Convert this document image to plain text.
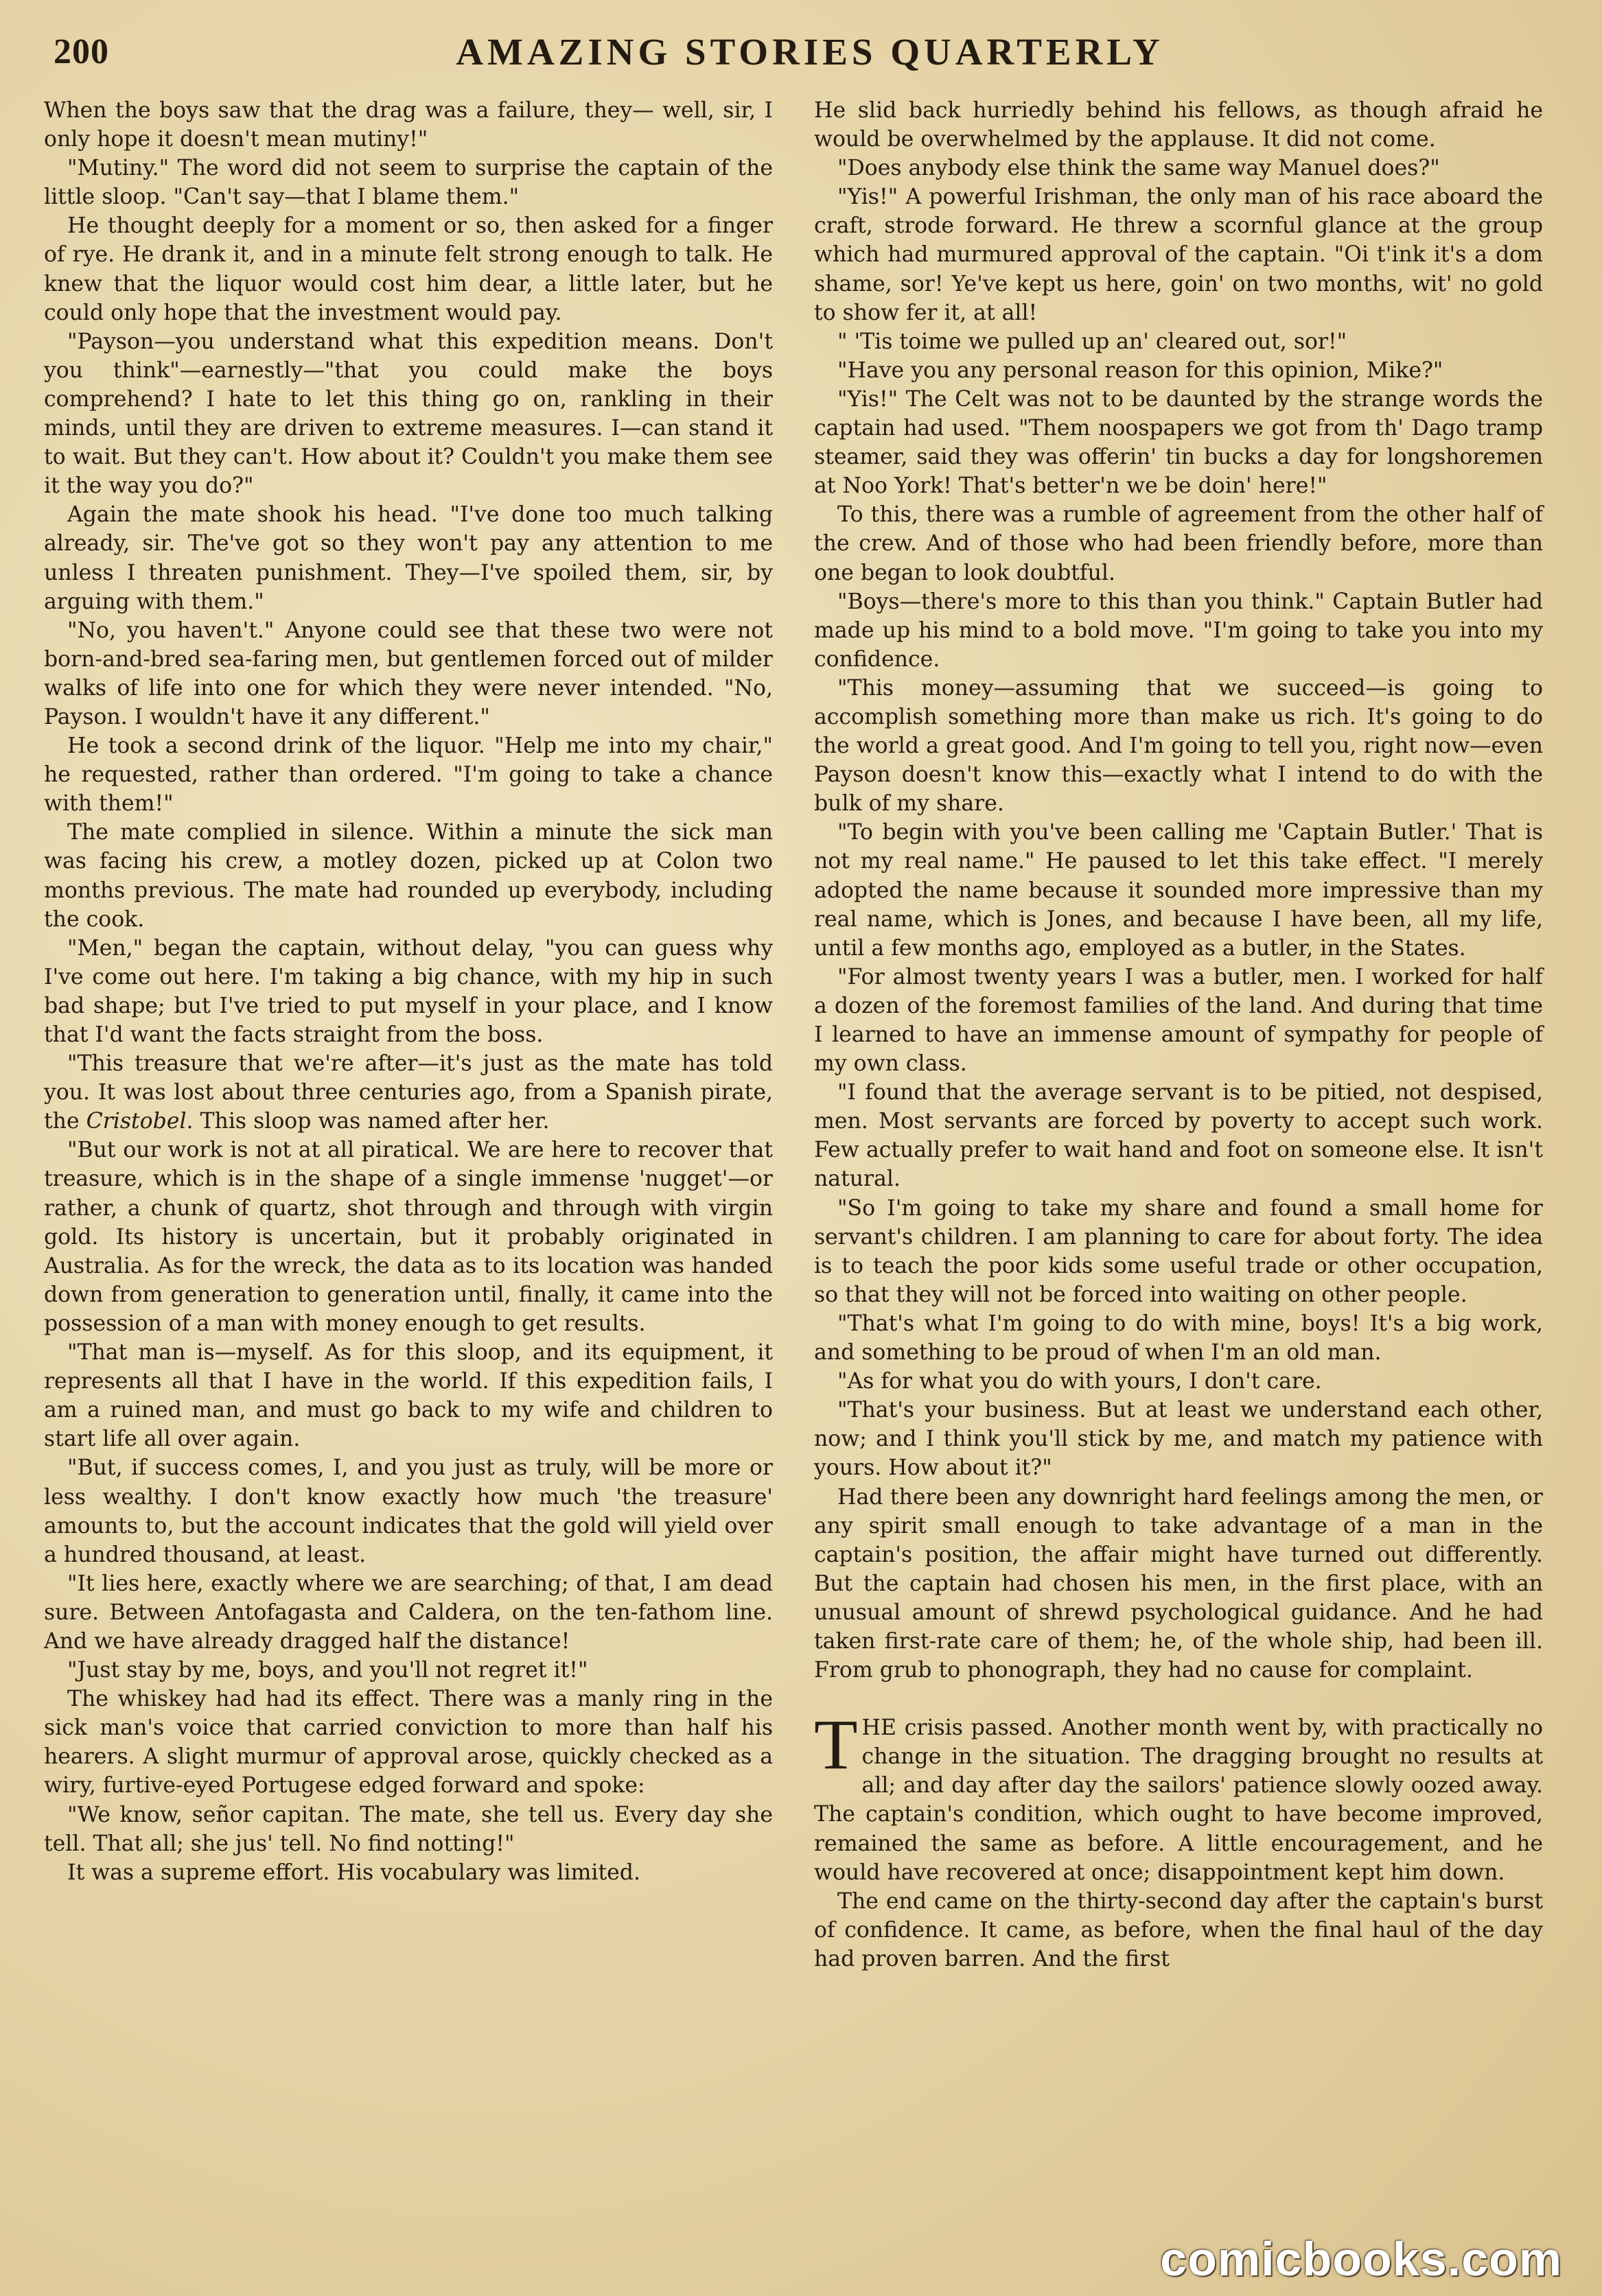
200	AMAZING STORIES QUARTERLY

When the boys saw that the drag was a failure, they— well, sir, I only hope it doesn't mean mutiny!"

"Mutiny." The word did not seem to surprise the captain of the little sloop. "Can't say—that I blame them."

He thought deeply for a moment or so, then asked for a finger of rye. He drank it, and in a minute felt strong enough to talk. He knew that the liquor would cost him dear, a little later, but he could only hope that the investment would pay.

"Payson—you understand what this expedition means. Don't you think"—earnestly—"that you could make the boys comprehend? I hate to let this thing go on, rankling in their minds, until they are driven to extreme measures. I—can stand it to wait. But they can't. How about it? Couldn't you make them see it the way you do?"

Again the mate shook his head. "I've done too much talking already, sir. The've got so they won't pay any attention to me unless I threaten punishment. They—I've spoiled them, sir, by arguing with them."

"No, you haven't." Anyone could see that these two were not born-and-bred sea-faring men, but gentlemen forced out of milder walks of life into one for which they were never intended. "No, Payson. I wouldn't have it any different."

He took a second drink of the liquor. "Help me into my chair," he requested, rather than ordered. "I'm going to take a chance with them!"

The mate complied in silence. Within a minute the sick man was facing his crew, a motley dozen, picked up at Colon two months previous. The mate had rounded up everybody, including the cook.

"Men," began the captain, without delay, "you can guess why I've come out here. I'm taking a big chance, with my hip in such bad shape; but I've tried to put myself in your place, and I know that I'd want the facts straight from the boss.

"This treasure that we're after—it's just as the mate has told you. It was lost about three centuries ago, from a Spanish pirate, the Cristobel. This sloop was named after her.

"But our work is not at all piratical. We are here to recover that treasure, which is in the shape of a single immense 'nugget'—or rather, a chunk of quartz, shot through and through with virgin gold. Its history is uncertain, but it probably originated in Australia. As for the wreck, the data as to its location was handed down from generation to generation until, finally, it came into the possession of a man with money enough to get results.

"That man is—myself. As for this sloop, and its equipment, it represents all that I have in the world. If this expedition fails, I am a ruined man, and must go back to my wife and children to start life all over again.

"But, if success comes, I, and you just as truly, will be more or less wealthy. I don't know exactly how much 'the treasure' amounts to, but the account indicates that the gold will yield over a hundred thousand, at least.

"It lies here, exactly where we are searching; of that, I am dead sure. Between Antofagasta and Caldera, on the ten-fathom line. And we have already dragged half the distance!

"Just stay by me, boys, and you'll not regret it!"

The whiskey had had its effect. There was a manly ring in the sick man's voice that carried conviction to more than half his hearers. A slight murmur of approval arose, quickly checked as a wiry, furtive-eyed Portugese edged forward and spoke:

"We know, señor capitan. The mate, she tell us. Every day she tell. That all; she jus' tell. No find notting!"

It was a supreme effort. His vocabulary was limited.

He slid back hurriedly behind his fellows, as though afraid he would be overwhelmed by the applause. It did not come.

"Does anybody else think the same way Manuel does?"

"Yis!" A powerful Irishman, the only man of his race aboard the craft, strode forward. He threw a scornful glance at the group which had murmured approval of the captain. "Oi t'ink it's a dom shame, sor! Ye've kept us here, goin' on two months, wit' no gold to show fer it, at all!

" 'Tis toime we pulled up an' cleared out, sor!"

"Have you any personal reason for this opinion, Mike?"

"Yis!" The Celt was not to be daunted by the strange words the captain had used. "Them noospapers we got from th' Dago tramp steamer, said they was offerin' tin bucks a day for longshoremen at Noo York! That's better'n we be doin' here!"

To this, there was a rumble of agreement from the other half of the crew. And of those who had been friendly before, more than one began to look doubtful.

"Boys—there's more to this than you think." Captain Butler had made up his mind to a bold move. "I'm going to take you into my confidence.

"This money—assuming that we succeed—is going to accomplish something more than make us rich. It's going to do the world a great good. And I'm going to tell you, right now—even Payson doesn't know this—exactly what I intend to do with the bulk of my share.

"To begin with you've been calling me 'Captain Butler.' That is not my real name." He paused to let this take effect. "I merely adopted the name because it sounded more impressive than my real name, which is Jones, and because I have been, all my life, until a few months ago, employed as a butler, in the States.

"For almost twenty years I was a butler, men. I worked for half a dozen of the foremost families of the land. And during that time I learned to have an immense amount of sympathy for people of my own class.

"I found that the average servant is to be pitied, not despised, men. Most servants are forced by poverty to accept such work. Few actually prefer to wait hand and foot on someone else. It isn't natural.

"So I'm going to take my share and found a small home for servant's children. I am planning to care for about forty. The idea is to teach the poor kids some useful trade or other occupation, so that they will not be forced into waiting on other people.

"That's what I'm going to do with mine, boys! It's a big work, and something to be proud of when I'm an old man.

"As for what you do with yours, I don't care.

"That's your business. But at least we understand each other, now; and I think you'll stick by me, and match my patience with yours. How about it?"

Had there been any downright hard feelings among the men, or any spirit small enough to take advantage of a man in the captain's position, the affair might have turned out differently. But the captain had chosen his men, in the first place, with an unusual amount of shrewd psychological guidance. And he had taken first-rate care of them; he, of the whole ship, had been ill. From grub to phonograph, they had no cause for complaint.

THE crisis passed. Another month went by, with practically no change in the situation. The dragging brought no results at all; and day after day the sailors' patience slowly oozed away. The captain's condition, which ought to have become improved, remained the same as before. A little encouragement, and he would have recovered at once; disappointment kept him down.

The end came on the thirty-second day after the captain's burst of confidence. It came, as before, when the final haul of the day had proven barren. And the first

comicbooks.com
